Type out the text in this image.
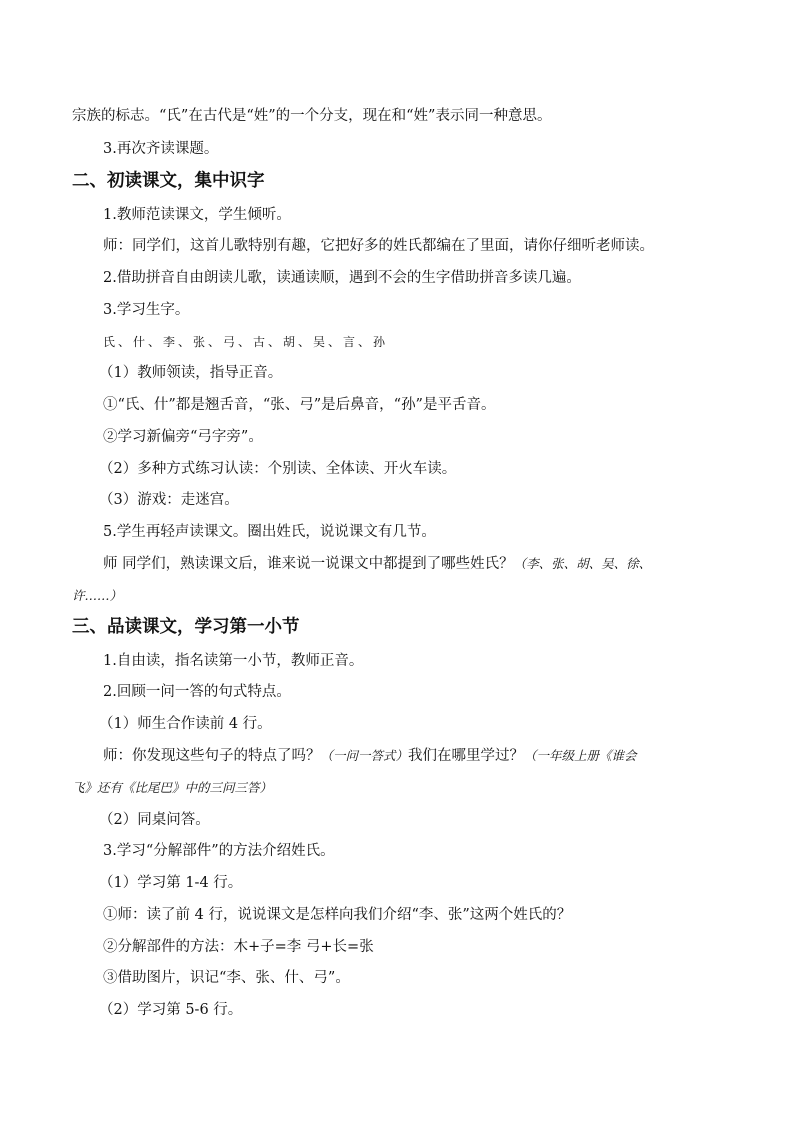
宗族的标志。“氏”在古代是“姓”的一个分支，现在和“姓”表示同一种意思。
3.再次齐读课题。
二、初读课文，集中识字
1.教师范读课文，学生倾听。
师：同学们，这首儿歌特别有趣，它把好多的姓氏都编在了里面，请你仔细听老师读。
2.借助拼音自由朗读儿歌，读通读顺，遇到不会的生字借助拼音多读几遍。
3.学习生字。
氏、什、李、张、弓、古、胡、吴、言、孙
（1）教师领读，指导正音。
①“氏、什”都是翘舌音，“张、弓”是后鼻音，“孙”是平舌音。
②学习新偏旁“弓字旁”。
（2）多种方式练习认读：个别读、全体读、开火车读。
（3）游戏：走迷宫。
5.学生再轻声读课文。圈出姓氏，说说课文有几节。
师 同学们，熟读课文后，谁来说一说课文中都提到了哪些姓氏？（李、张、胡、吴、徐、
许……）
三、品读课文，学习第一小节
1.自由读，指名读第一小节，教师正音。
2.回顾一问一答的句式特点。
（1）师生合作读前 4 行。
师：你发现这些句子的特点了吗？（一问一答式）我们在哪里学过？（一年级上册《谁会
飞》还有《比尾巴》中的三问三答）
（2）同桌问答。
3.学习“分解部件”的方法介绍姓氏。
（1）学习第 1-4 行。
①师：读了前 4 行，说说课文是怎样向我们介绍“李、张”这两个姓氏的？
②分解部件的方法：木+子=李 弓+长=张
③借助图片，识记“李、张、什、弓”。
（2）学习第 5-6 行。
